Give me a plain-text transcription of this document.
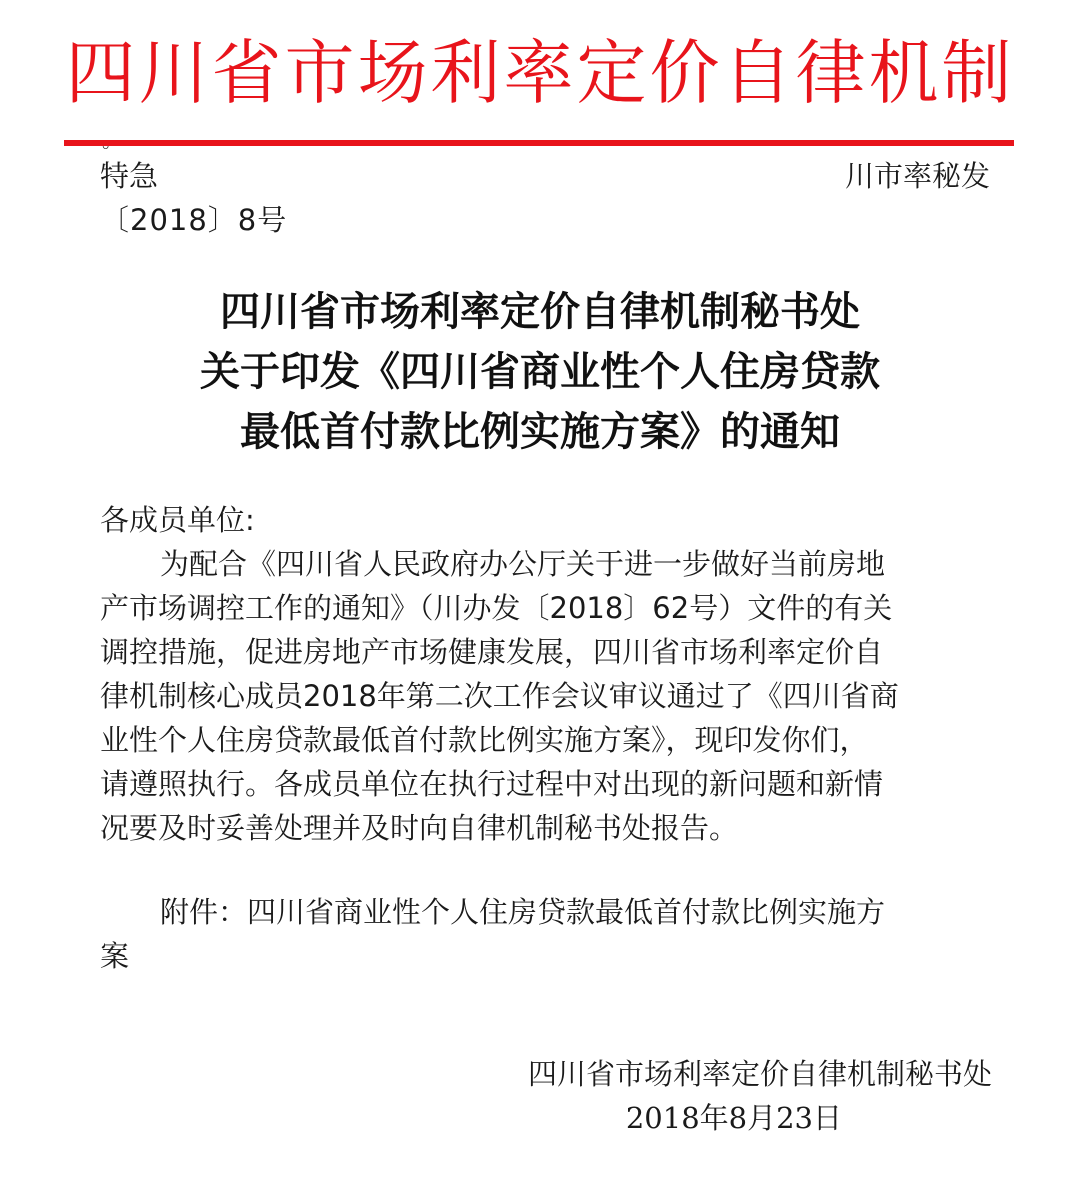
四川省市场利率定价自律机制
特急	川市率秘发
〔2018〕8号
四川省市场利率定价自律机制秘书处
关于印发《四川省商业性个人住房贷款
最低首付款比例实施方案》的通知
各成员单位:
为配合《四川省人民政府办公厅关于进一步做好当前房地
产市场调控工作的通知》（川办发〔2018〕62号）文件的有关
调控措施，促进房地产市场健康发展，四川省市场利率定价自
律机制核心成员2018年第二次工作会议审议通过了《四川省商
业性个人住房贷款最低首付款比例实施方案》，现印发你们，
请遵照执行。各成员单位在执行过程中对出现的新问题和新情
况要及时妥善处理并及时向自律机制秘书处报告。
附件：四川省商业性个人住房贷款最低首付款比例实施方
案
四川省市场利率定价自律机制秘书处
2018年8月23日
